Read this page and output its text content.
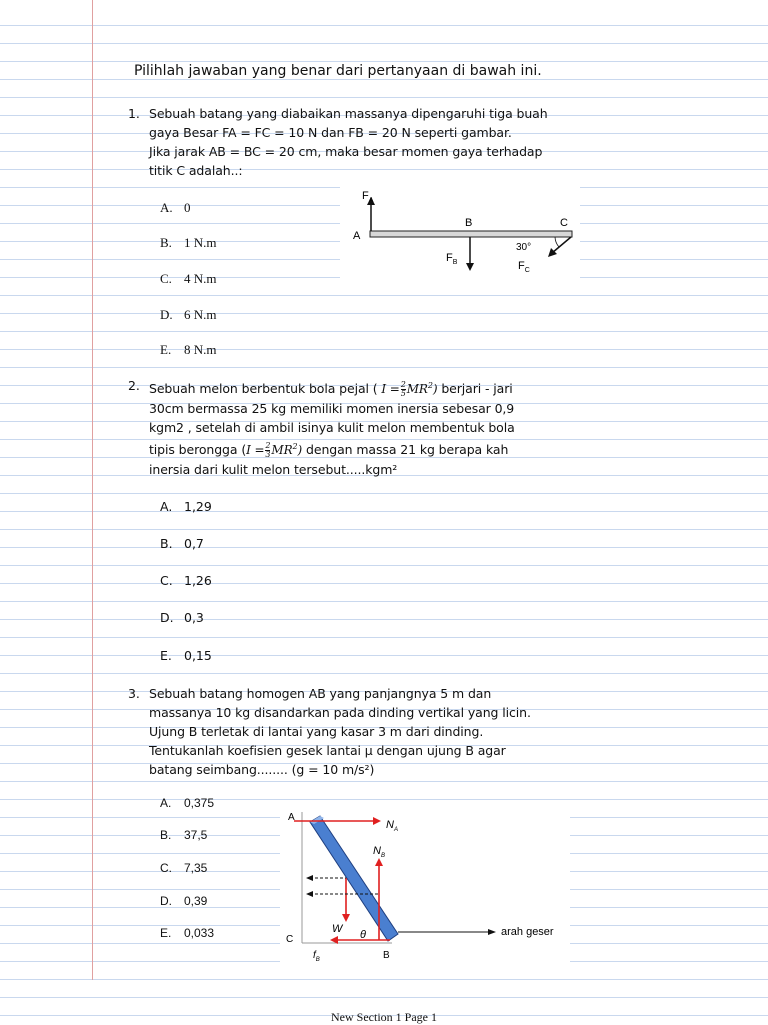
Pilihlah jawaban yang benar dari pertanyaan di bawah ini.
1. Sebuah batang yang diabaikan massanya dipengaruhi tiga buah
gaya Besar FA = FC = 10 N dan FB = 20 N seperti gambar.
Jika jarak AB = BC = 20 cm, maka besar momen gaya terhadap
titik C adalah..:
A. 0
B. 1 N.m
C. 4 N.m
D. 6 N.m
E. 8 N.m
$F_A$
A
B	C
$F_B$
30°
$F_C$
2. Sebuah melon berbentuk bola pejal ( $I = \frac{2}{5} MR^2$) berjari - jari
30cm bermassa 25 kg memiliki momen inersia sebesar 0,9
kgm2 , setelah di ambil isinya kulit melon membentuk bola
tipis berongga $(I = \frac{2}{3} MR^2)$ dengan massa 21 kg berapa kah
inersia dari kulit melon tersebut.....kgm²
A. 1,29
B. 0,7
C. 1,26
D. 0,3
E. 0,15
3. Sebuah batang homogen AB yang panjangnya 5 m dan
massanya 10 kg disandarkan pada dinding vertikal yang licin.
Ujung B terletak di lantai yang kasar 3 m dari dinding.
Tentukanlah koefisien gesek lantai μ dengan ujung B agar
batang seimbang........ (g = 10 m/s²)
A. 0,375
B. 37,5
C. 7,35
D. 0,39
E. 0,033
A
$N_A$
$N_B$
C
W θ
B
$f_B$
arah geser
New Section 1 Page 1
